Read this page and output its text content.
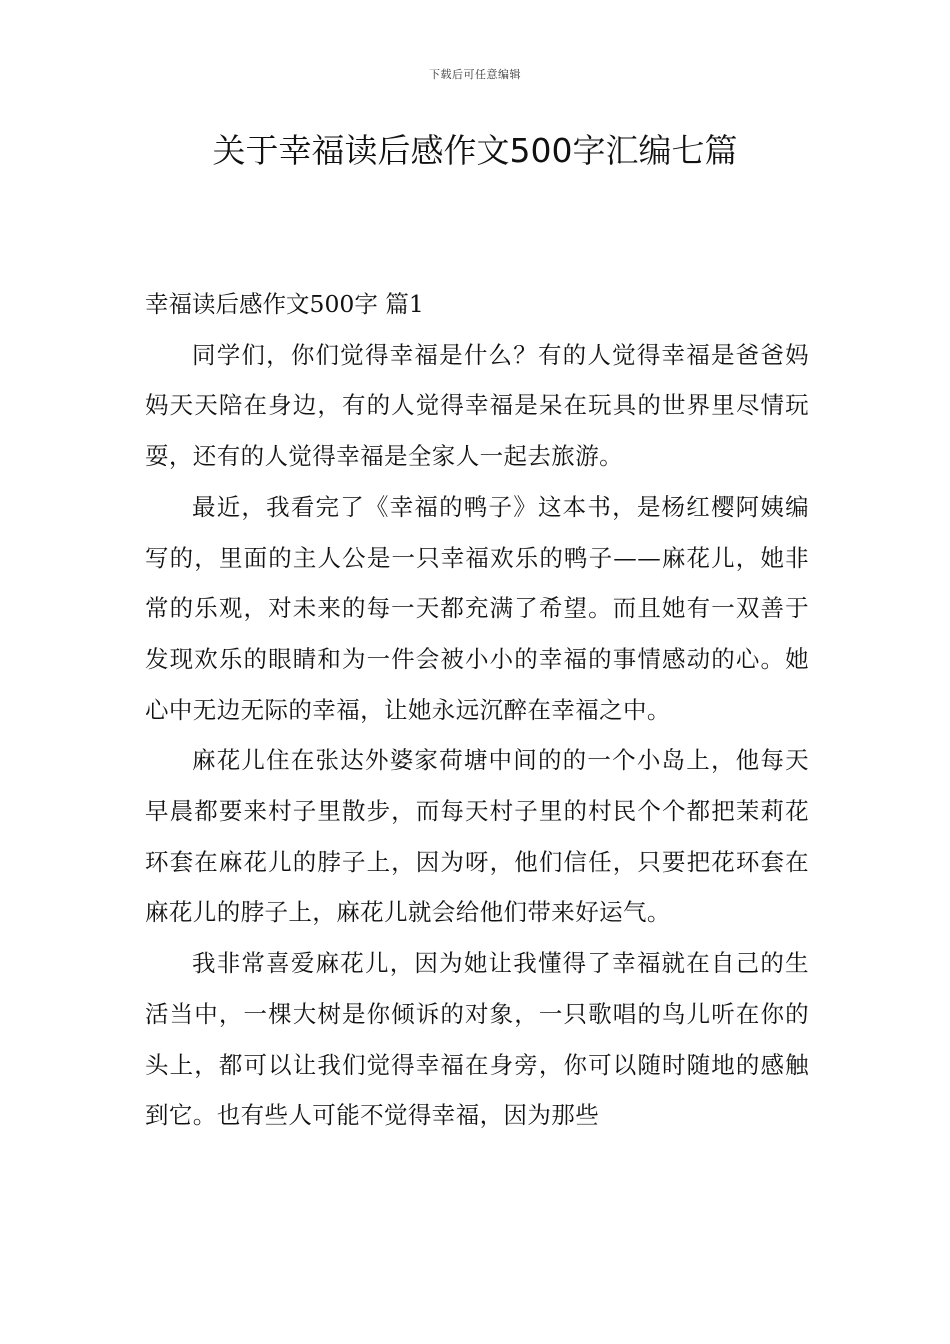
下载后可任意编辑
关于幸福读后感作文500字汇编七篇

幸福读后感作文500字 篇1

同学们，你们觉得幸福是什么？有的人觉得幸福是爸爸妈妈天天陪在身边，有的人觉得幸福是呆在玩具的世界里尽情玩耍，还有的人觉得幸福是全家人一起去旅游。

最近，我看完了《幸福的鸭子》这本书，是杨红樱阿姨编写的，里面的主人公是一只幸福欢乐的鸭子——麻花儿，她非常的乐观，对未来的每一天都充满了希望。而且她有一双善于发现欢乐的眼睛和为一件会被小小的幸福的事情感动的心。她心中无边无际的幸福，让她永远沉醉在幸福之中。

麻花儿住在张达外婆家荷塘中间的的一个小岛上，他每天早晨都要来村子里散步，而每天村子里的村民个个都把茉莉花环套在麻花儿的脖子上，因为呀，他们信任，只要把花环套在麻花儿的脖子上，麻花儿就会给他们带来好运气。

我非常喜爱麻花儿，因为她让我懂得了幸福就在自己的生活当中，一棵大树是你倾诉的对象，一只歌唱的鸟儿听在你的头上，都可以让我们觉得幸福在身旁，你可以随时随地的感触到它。也有些人可能不觉得幸福，因为那些
